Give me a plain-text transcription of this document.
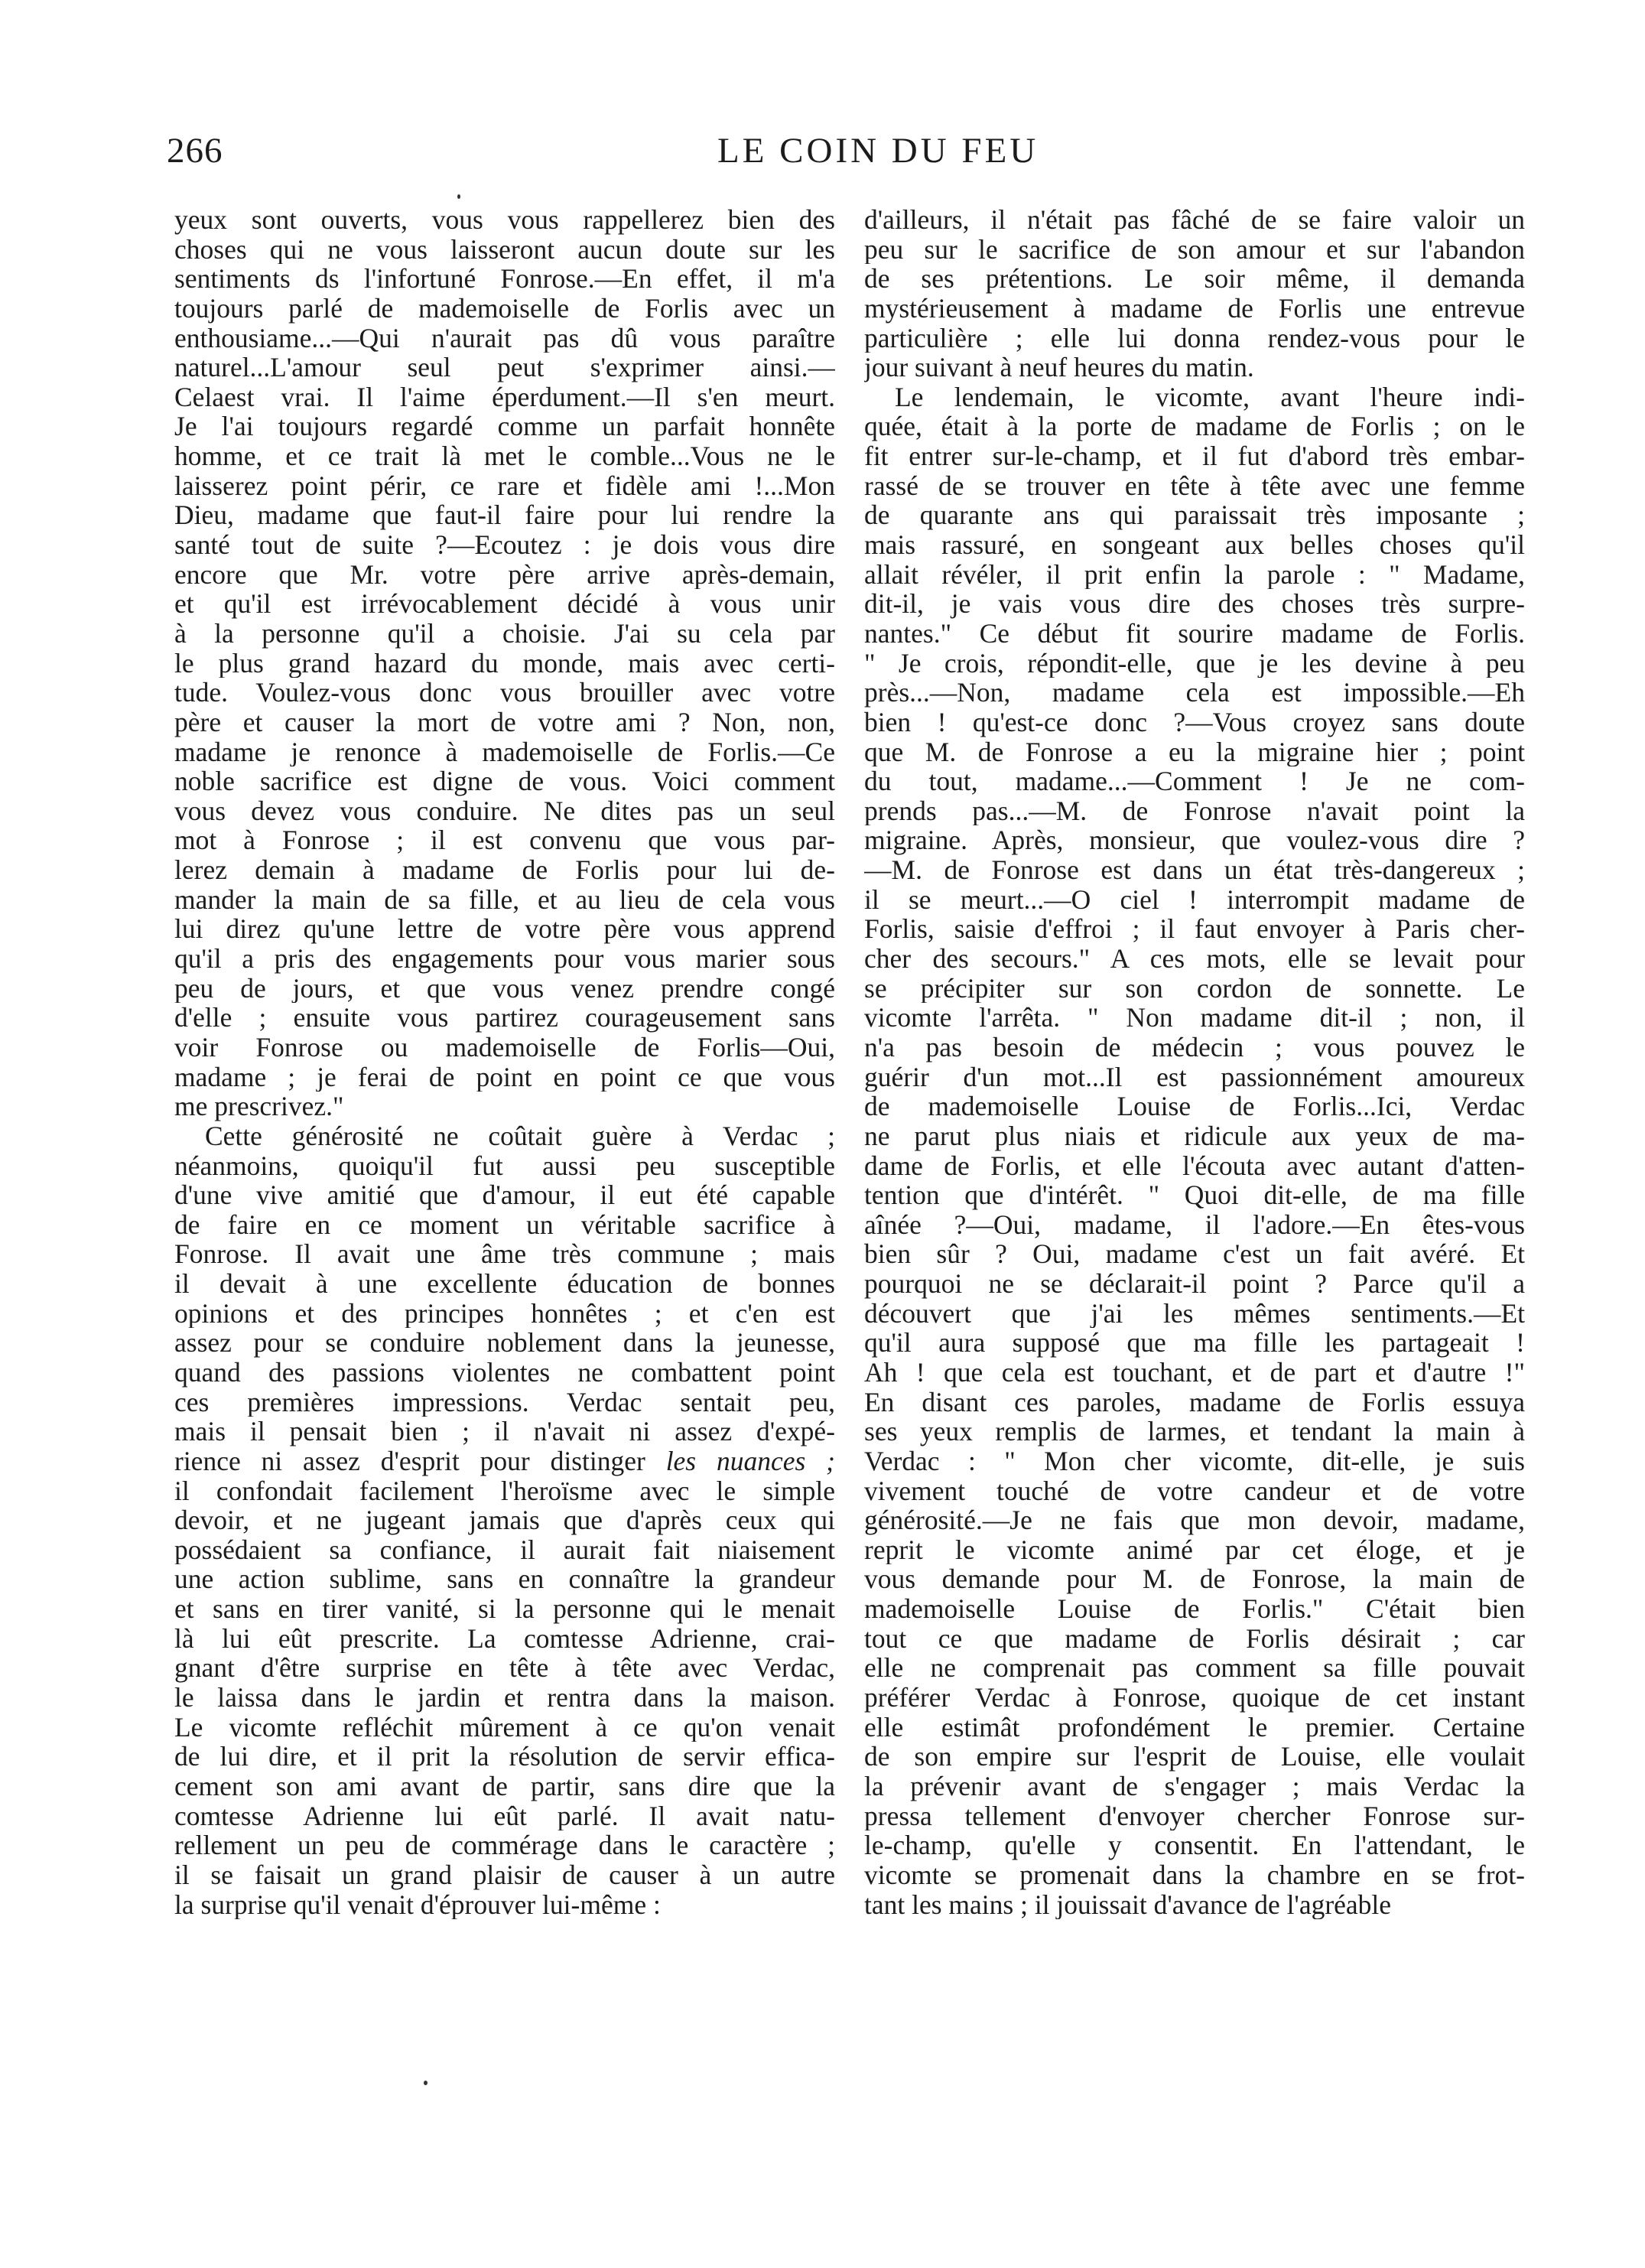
266	LE COIN DU FEU
yeux sont ouverts, vous vous rappellerez bien des
choses qui ne vous laisseront aucun doute sur les
sentiments ds l'infortuné Fonrose.—En effet, il m'a
toujours parlé de mademoiselle de Forlis avec un
enthousiame...—Qui n'aurait pas dû vous paraître
naturel...L'amour seul peut s'exprimer ainsi.—
Celaest vrai. Il l'aime éperdument.—Il s'en meurt.
Je l'ai toujours regardé comme un parfait honnête
homme, et ce trait là met le comble...Vous ne le
laisserez point périr, ce rare et fidèle ami !...Mon
Dieu, madame que faut-il faire pour lui rendre la
santé tout de suite ?—Ecoutez : je dois vous dire
encore que Mr. votre père arrive après-demain,
et qu'il est irrévocablement décidé à vous unir
à la personne qu'il a choisie. J'ai su cela par
le plus grand hazard du monde, mais avec certi-
tude. Voulez-vous donc vous brouiller avec votre
père et causer la mort de votre ami ? Non, non,
madame je renonce à mademoiselle de Forlis.—Ce
noble sacrifice est digne de vous. Voici comment
vous devez vous conduire. Ne dites pas un seul
mot à Fonrose ; il est convenu que vous par-
lerez demain à madame de Forlis pour lui de-
mander la main de sa fille, et au lieu de cela vous
lui direz qu'une lettre de votre père vous apprend
qu'il a pris des engagements pour vous marier sous
peu de jours, et que vous venez prendre congé
d'elle ; ensuite vous partirez courageusement sans
voir Fonrose ou mademoiselle de Forlis—Oui,
madame ; je ferai de point en point ce que vous
me prescrivez."
Cette générosité ne coûtait guère à Verdac ;
néanmoins, quoiqu'il fut aussi peu susceptible
d'une vive amitié que d'amour, il eut été capable
de faire en ce moment un véritable sacrifice à
Fonrose. Il avait une âme très commune ; mais
il devait à une excellente éducation de bonnes
opinions et des principes honnêtes ; et c'en est
assez pour se conduire noblement dans la jeunesse,
quand des passions violentes ne combattent point
ces premières impressions. Verdac sentait peu,
mais il pensait bien ; il n'avait ni assez d'expé-
rience ni assez d'esprit pour distinger les nuances ;
il confondait facilement l'heroïsme avec le simple
devoir, et ne jugeant jamais que d'après ceux qui
possédaient sa confiance, il aurait fait niaisement
une action sublime, sans en connaître la grandeur
et sans en tirer vanité, si la personne qui le menait
là lui eût prescrite. La comtesse Adrienne, crai-
gnant d'être surprise en tête à tête avec Verdac,
le laissa dans le jardin et rentra dans la maison.
Le vicomte refléchit mûrement à ce qu'on venait
de lui dire, et il prit la résolution de servir effica-
cement son ami avant de partir, sans dire que la
comtesse Adrienne lui eût parlé. Il avait natu-
rellement un peu de commérage dans le caractère ;
il se faisait un grand plaisir de causer à un autre
la surprise qu'il venait d'éprouver lui-même :
d'ailleurs, il n'était pas fâché de se faire valoir un
peu sur le sacrifice de son amour et sur l'abandon
de ses prétentions. Le soir même, il demanda
mystérieusement à madame de Forlis une entrevue
particulière ; elle lui donna rendez-vous pour le
jour suivant à neuf heures du matin.
Le lendemain, le vicomte, avant l'heure indi-
quée, était à la porte de madame de Forlis ; on le
fit entrer sur-le-champ, et il fut d'abord très embar-
rassé de se trouver en tête à tête avec une femme
de quarante ans qui paraissait très imposante ;
mais rassuré, en songeant aux belles choses qu'il
allait révéler, il prit enfin la parole : " Madame,
dit-il, je vais vous dire des choses très surpre-
nantes." Ce début fit sourire madame de Forlis.
" Je crois, répondit-elle, que je les devine à peu
près...—Non, madame cela est impossible.—Eh
bien ! qu'est-ce donc ?—Vous croyez sans doute
que M. de Fonrose a eu la migraine hier ; point
du tout, madame...—Comment ! Je ne com-
prends pas...—M. de Fonrose n'avait point la
migraine. Après, monsieur, que voulez-vous dire ?
—M. de Fonrose est dans un état très-dangereux ;
il se meurt...—O ciel ! interrompit madame de
Forlis, saisie d'effroi ; il faut envoyer à Paris cher-
cher des secours." A ces mots, elle se levait pour
se précipiter sur son cordon de sonnette. Le
vicomte l'arrêta. " Non madame dit-il ; non, il
n'a pas besoin de médecin ; vous pouvez le
guérir d'un mot...Il est passionnément amoureux
de mademoiselle Louise de Forlis...Ici, Verdac
ne parut plus niais et ridicule aux yeux de ma-
dame de Forlis, et elle l'écouta avec autant d'atten-
tention que d'intérêt. " Quoi dit-elle, de ma fille
aînée ?—Oui, madame, il l'adore.—En êtes-vous
bien sûr ? Oui, madame c'est un fait avéré. Et
pourquoi ne se déclarait-il point ? Parce qu'il a
découvert que j'ai les mêmes sentiments.—Et
qu'il aura supposé que ma fille les partageait !
Ah ! que cela est touchant, et de part et d'autre !"
En disant ces paroles, madame de Forlis essuya
ses yeux remplis de larmes, et tendant la main à
Verdac : " Mon cher vicomte, dit-elle, je suis
vivement touché de votre candeur et de votre
générosité.—Je ne fais que mon devoir, madame,
reprit le vicomte animé par cet éloge, et je
vous demande pour M. de Fonrose, la main de
mademoiselle Louise de Forlis." C'était bien
tout ce que madame de Forlis désirait ; car
elle ne comprenait pas comment sa fille pouvait
préférer Verdac à Fonrose, quoique de cet instant
elle estimât profondément le premier. Certaine
de son empire sur l'esprit de Louise, elle voulait
la prévenir avant de s'engager ; mais Verdac la
pressa tellement d'envoyer chercher Fonrose sur-
le-champ, qu'elle y consentit. En l'attendant, le
vicomte se promenait dans la chambre en se frot-
tant les mains ; il jouissait d'avance de l'agréable
